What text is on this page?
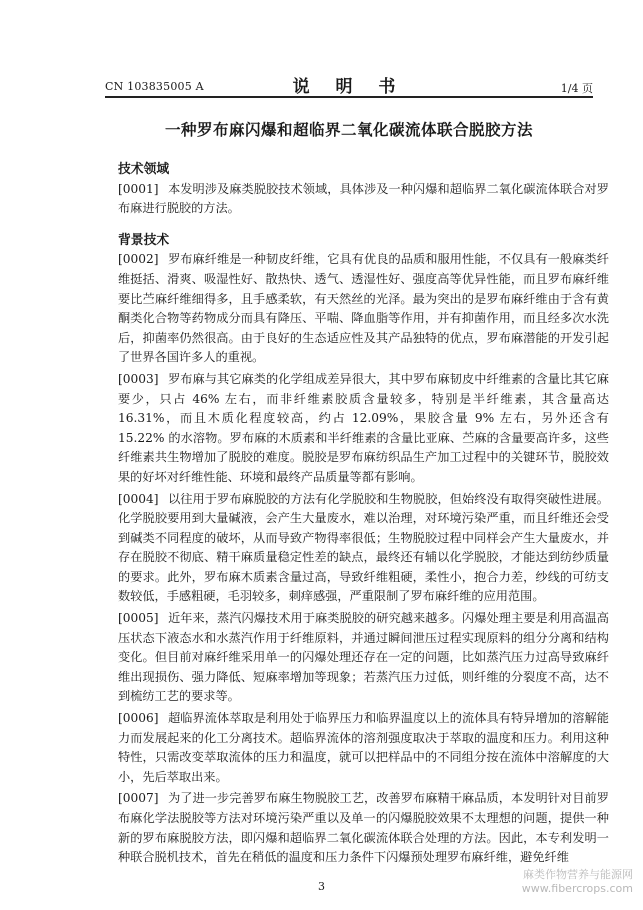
CN 103835005 A	说 明 书	1/4 页
一种罗布麻闪爆和超临界二氧化碳流体联合脱胶方法
技术领域

[0001] 本发明涉及麻类脱胶技术领域，具体涉及一种闪爆和超临界二氧化碳流体联合对罗布麻进行脱胶的方法。

背景技术

[0002] 罗布麻纤维是一种韧皮纤维，它具有优良的品质和服用性能，不仅具有一般麻类纤维挺括、滑爽、吸湿性好、散热快、透气、透湿性好、强度高等优异性能，而且罗布麻纤维要比苎麻纤维细得多，且手感柔软，有天然丝的光泽。最为突出的是罗布麻纤维由于含有黄酮类化合物等药物成分而具有降压、平喘、降血脂等作用，并有抑菌作用，而且经多次水洗后，抑菌率仍然很高。由于良好的生态适应性及其产品独特的优点，罗布麻潜能的开发引起了世界各国许多人的重视。

[0003] 罗布麻与其它麻类的化学组成差异很大，其中罗布麻韧皮中纤维素的含量比其它麻要少，只占 46% 左右，而非纤维素胶质含量较多，特别是半纤维素，其含量高达 16.31%，而且木质化程度较高，约占 12.09%，果胶含量 9% 左右，另外还含有 15.22% 的水溶物。罗布麻的木质素和半纤维素的含量比亚麻、苎麻的含量要高许多，这些纤维素共生物增加了脱胶的难度。脱胶是罗布麻纺织品生产加工过程中的关键环节，脱胶效果的好坏对纤维性能、环境和最终产品质量等都有影响。

[0004] 以往用于罗布麻脱胶的方法有化学脱胶和生物脱胶，但始终没有取得突破性进展。化学脱胶要用到大量碱液，会产生大量废水，难以治理，对环境污染严重，而且纤维还会受到碱类不同程度的破坏，从而导致产物得率很低；生物脱胶过程中同样会产生大量废水，并存在脱胶不彻底、精干麻质量稳定性差的缺点，最终还有辅以化学脱胶，才能达到纺纱质量的要求。此外，罗布麻木质素含量过高，导致纤维粗硬，柔性小，抱合力差，纱线的可纺支数较低，手感粗硬，毛羽较多，刺痒感强，严重限制了罗布麻纤维的应用范围。

[0005] 近年来，蒸汽闪爆技术用于麻类脱胶的研究越来越多。闪爆处理主要是利用高温高压状态下液态水和水蒸汽作用于纤维原料，并通过瞬间泄压过程实现原料的组分分离和结构变化。但目前对麻纤维采用单一的闪爆处理还存在一定的问题，比如蒸汽压力过高导致麻纤维出现损伤、强力降低、短麻率增加等现象；若蒸汽压力过低，则纤维的分裂度不高，达不到梳纺工艺的要求等。

[0006] 超临界流体萃取是利用处于临界压力和临界温度以上的流体具有特异增加的溶解能力而发展起来的化工分离技术。超临界流体的溶剂强度取决于萃取的温度和压力。利用这种特性，只需改变萃取流体的压力和温度，就可以把样品中的不同组分按在流体中溶解度的大小，先后萃取出来。

[0007] 为了进一步完善罗布麻生物脱胶工艺，改善罗布麻精干麻品质，本发明针对目前罗布麻化学法脱胶等方法对环境污染严重以及单一的闪爆脱胶效果不太理想的问题，提供一种新的罗布麻脱胶方法，即闪爆和超临界二氧化碳流体联合处理的方法。因此，本专利发明一种联合脱机技术，首先在稍低的温度和压力条件下闪爆预处理罗布麻纤维，避免纤维

3
麻类作物营养与能源网
www.fibercrops.com
